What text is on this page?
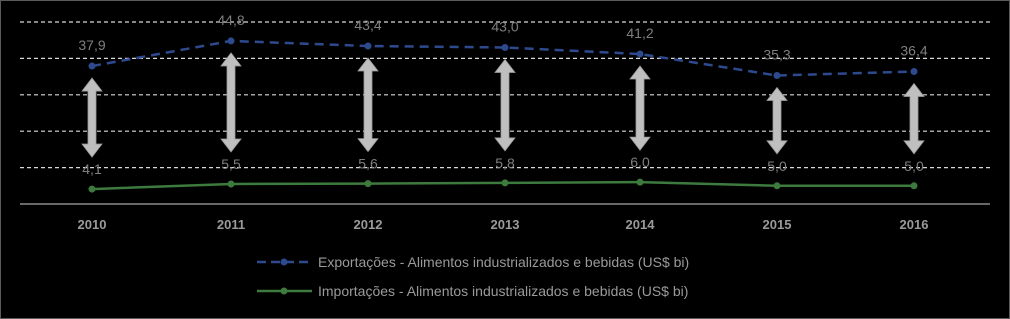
37,9
44,8	43,4	43,0	41,2
35,3	36,4
4,1	5,5	5,6	5,8	6,0	5,0	5,0
2010	2011	2012	2013	2014	2015	2016
Exportações - Alimentos industrializados e bebidas (US$ bi)
Importações - Alimentos industrializados e bebidas (US$ bi)
